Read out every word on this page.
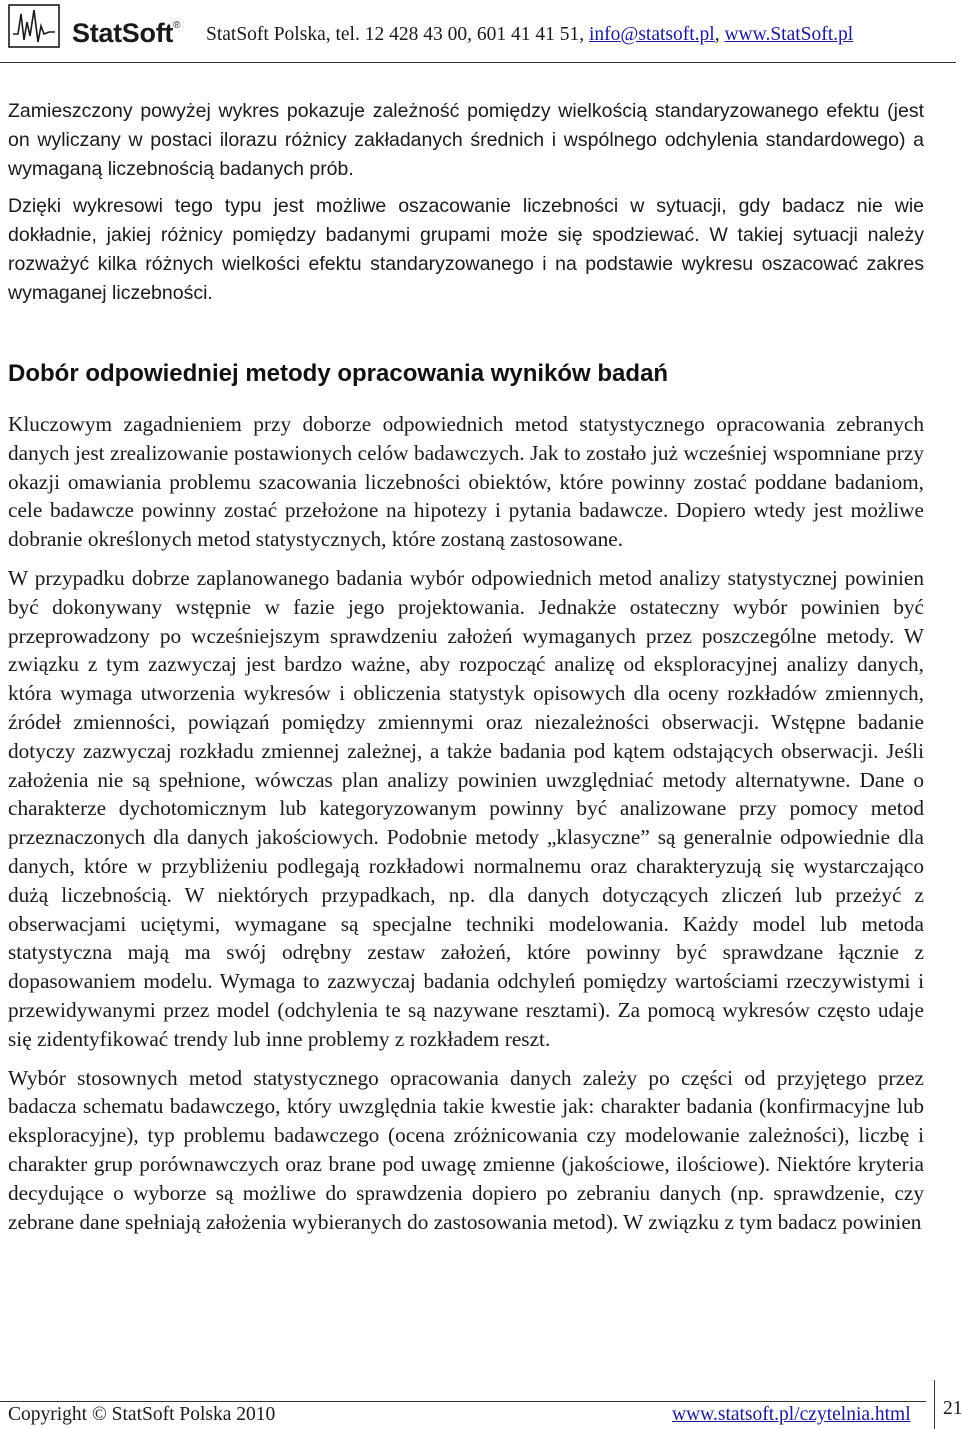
StatSoft® StatSoft Polska, tel. 12 428 43 00, 601 41 41 51, info@statsoft.pl, www.StatSoft.pl

Zamieszczony powyżej wykres pokazuje zależność pomiędzy wielkością standaryzowanego efektu (jest on wyliczany w postaci ilorazu różnicy zakładanych średnich i wspólnego odchylenia standardowego) a wymaganą liczebnością badanych prób.

Dzięki wykresowi tego typu jest możliwe oszacowanie liczebności w sytuacji, gdy badacz nie wie dokładnie, jakiej różnicy pomiędzy badanymi grupami może się spodziewać. W takiej sytuacji należy rozważyć kilka różnych wielkości efektu standaryzowanego i na podstawie wykresu oszacować zakres wymaganej liczebności.

Dobór odpowiedniej metody opracowania wyników badań

Kluczowym zagadnieniem przy doborze odpowiednich metod statystycznego opracowania zebranych danych jest zrealizowanie postawionych celów badawczych. Jak to zostało już wcześniej wspomniane przy okazji omawiania problemu szacowania liczebności obiektów, które powinny zostać poddane badaniom, cele badawcze powinny zostać przełożone na hipotezy i pytania badawcze. Dopiero wtedy jest możliwe dobranie określonych metod statystycznych, które zostaną zastosowane.

W przypadku dobrze zaplanowanego badania wybór odpowiednich metod analizy statystycznej powinien być dokonywany wstępnie w fazie jego projektowania. Jednakże ostateczny wybór powinien być przeprowadzony po wcześniejszym sprawdzeniu założeń wymaganych przez poszczególne metody. W związku z tym zazwyczaj jest bardzo ważne, aby rozpocząć analizę od eksploracyjnej analizy danych, która wymaga utworzenia wykresów i obliczenia statystyk opisowych dla oceny rozkładów zmiennych, źródeł zmienności, powiązań pomiędzy zmiennymi oraz niezależności obserwacji. Wstępne badanie dotyczy zazwyczaj rozkładu zmiennej zależnej, a także badania pod kątem odstających obserwacji. Jeśli założenia nie są spełnione, wówczas plan analizy powinien uwzględniać metody alternatywne. Dane o charakterze dychotomicznym lub kategoryzowanym powinny być analizowane przy pomocy metod przeznaczonych dla danych jakościowych. Podobnie metody „klasyczne” są generalnie odpowiednie dla danych, które w przybliżeniu podlegają rozkładowi normalnemu oraz charakteryzują się wystarczająco dużą liczebnością. W niektórych przypadkach, np. dla danych dotyczących zliczeń lub przeżyć z obserwacjami uciętymi, wymagane są specjalne techniki modelowania. Każdy model lub metoda statystyczna mają ma swój odrębny zestaw założeń, które powinny być sprawdzane łącznie z dopasowaniem modelu. Wymaga to zazwyczaj badania odchyleń pomiędzy wartościami rzeczywistymi i przewidywanymi przez model (odchylenia te są nazywane resztami). Za pomocą wykresów często udaje się zidentyfikować trendy lub inne problemy z rozkładem reszt.

Wybór stosownych metod statystycznego opracowania danych zależy po części od przyjętego przez badacza schematu badawczego, który uwzględnia takie kwestie jak: charakter badania (konfirmacyjne lub eksploracyjne), typ problemu badawczego (ocena zróżnicowania czy modelowanie zależności), liczbę i charakter grup porównawczych oraz brane pod uwagę zmienne (jakościowe, ilościowe). Niektóre kryteria decydujące o wyborze są możliwe do sprawdzenia dopiero po zebraniu danych (np. sprawdzenie, czy zebrane dane spełniają założenia wybieranych do zastosowania metod). W związku z tym badacz powinien

Copyright © StatSoft Polska 2010	www.statsoft.pl/czytelnia.html 21
